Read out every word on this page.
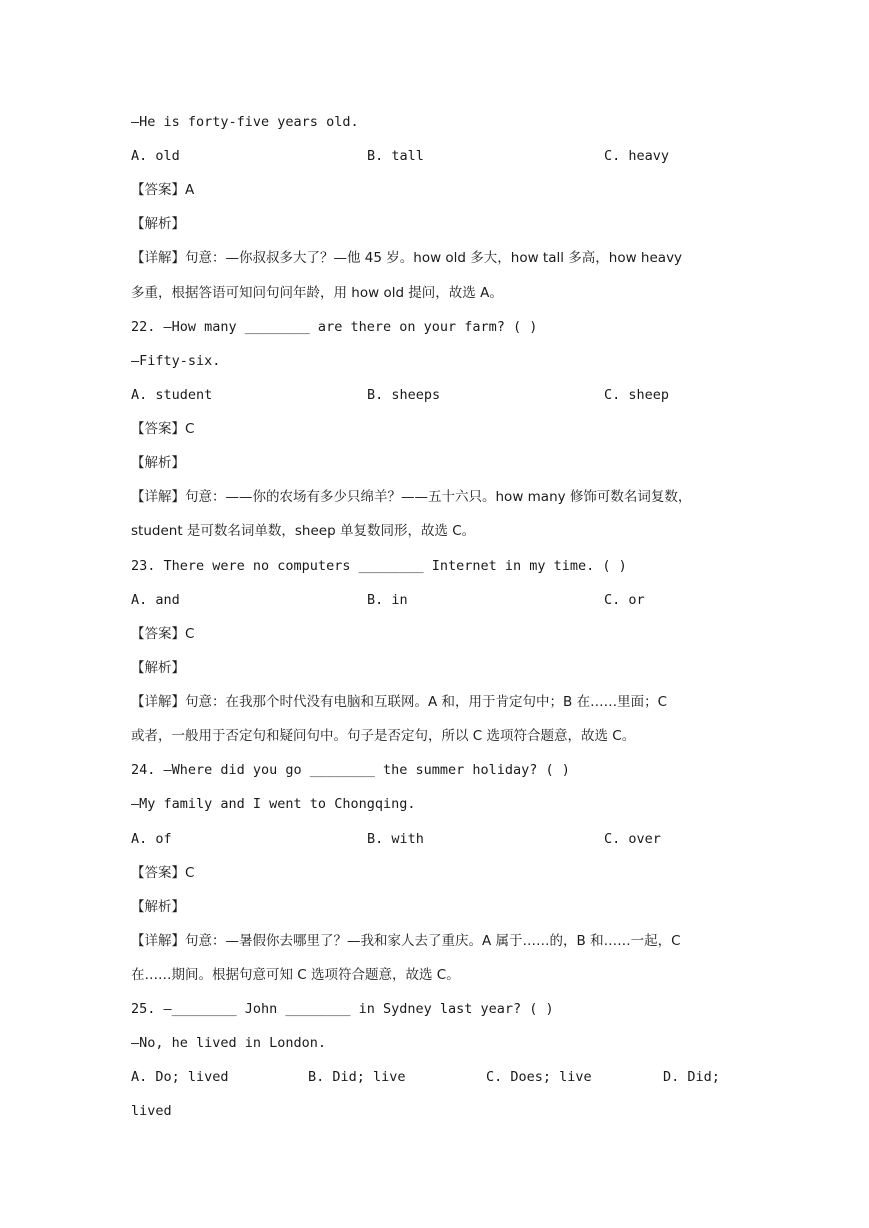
—He is forty-five years old.
A. old	B. tall	C. heavy
【答案】A
【解析】
【详解】句意：—你叔叔多大了？—他 45 岁。how old 多大，how tall 多高，how heavy
多重，根据答语可知问句问年龄，用 how old 提问，故选 A。
22. —How many ________ are there on your farm? ( )
—Fifty-six.
A. student	B. sheeps	C. sheep
【答案】C
【解析】
【详解】句意：——你的农场有多少只绵羊？——五十六只。how many 修饰可数名词复数，
student 是可数名词单数，sheep 单复数同形，故选 C。
23. There were no computers ________ Internet in my time. ( )
A. and	B. in	C. or
【答案】C
【解析】
【详解】句意：在我那个时代没有电脑和互联网。A 和，用于肯定句中；B 在……里面；C
或者，一般用于否定句和疑问句中。句子是否定句，所以 C 选项符合题意，故选 C。
24. —Where did you go ________ the summer holiday? ( )
—My family and I went to Chongqing.
A. of	B. with	C. over
【答案】C
【解析】
【详解】句意：—暑假你去哪里了？—我和家人去了重庆。A 属于……的，B 和……一起，C
在……期间。根据句意可知 C 选项符合题意，故选 C。
25. —________ John ________ in Sydney last year? ( )
—No, he lived in London.
A. Do; lived	B. Did; live	C. Does; live	D. Did;
lived
